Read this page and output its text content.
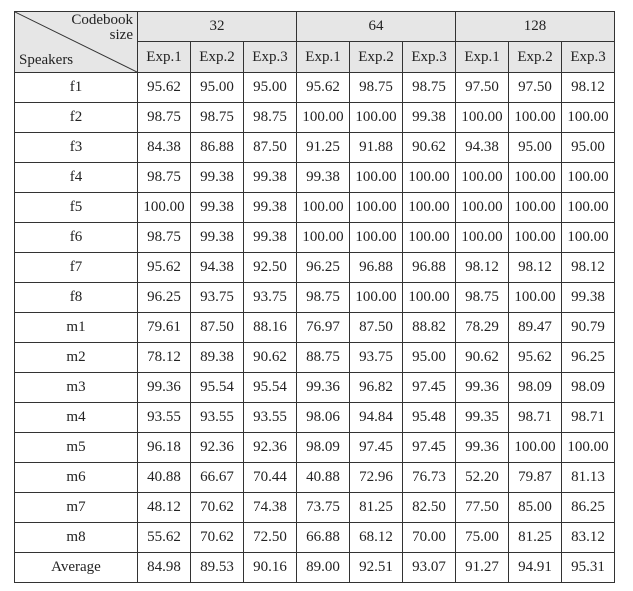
Codebook
size
Speakers	32			64			128		
	Exp.1	Exp.2	Exp.3	Exp.1	Exp.2	Exp.3	Exp.1	Exp.2	Exp.3
f1	95.62	95.00	95.00	95.62	98.75	98.75	97.50	97.50	98.12
f2	98.75	98.75	98.75	100.00	100.00	99.38	100.00	100.00	100.00
f3	84.38	86.88	87.50	91.25	91.88	90.62	94.38	95.00	95.00
f4	98.75	99.38	99.38	99.38	100.00	100.00	100.00	100.00	100.00
f5	100.00	99.38	99.38	100.00	100.00	100.00	100.00	100.00	100.00
f6	98.75	99.38	99.38	100.00	100.00	100.00	100.00	100.00	100.00
f7	95.62	94.38	92.50	96.25	96.88	96.88	98.12	98.12	98.12
f8	96.25	93.75	93.75	98.75	100.00	100.00	98.75	100.00	99.38
m1	79.61	87.50	88.16	76.97	87.50	88.82	78.29	89.47	90.79
m2	78.12	89.38	90.62	88.75	93.75	95.00	90.62	95.62	96.25
m3	99.36	95.54	95.54	99.36	96.82	97.45	99.36	98.09	98.09
m4	93.55	93.55	93.55	98.06	94.84	95.48	99.35	98.71	98.71
m5	96.18	92.36	92.36	98.09	97.45	97.45	99.36	100.00	100.00
m6	40.88	66.67	70.44	40.88	72.96	76.73	52.20	79.87	81.13
m7	48.12	70.62	74.38	73.75	81.25	82.50	77.50	85.00	86.25
m8	55.62	70.62	72.50	66.88	68.12	70.00	75.00	81.25	83.12
Average	84.98	89.53	90.16	89.00	92.51	93.07	91.27	94.91	95.31
